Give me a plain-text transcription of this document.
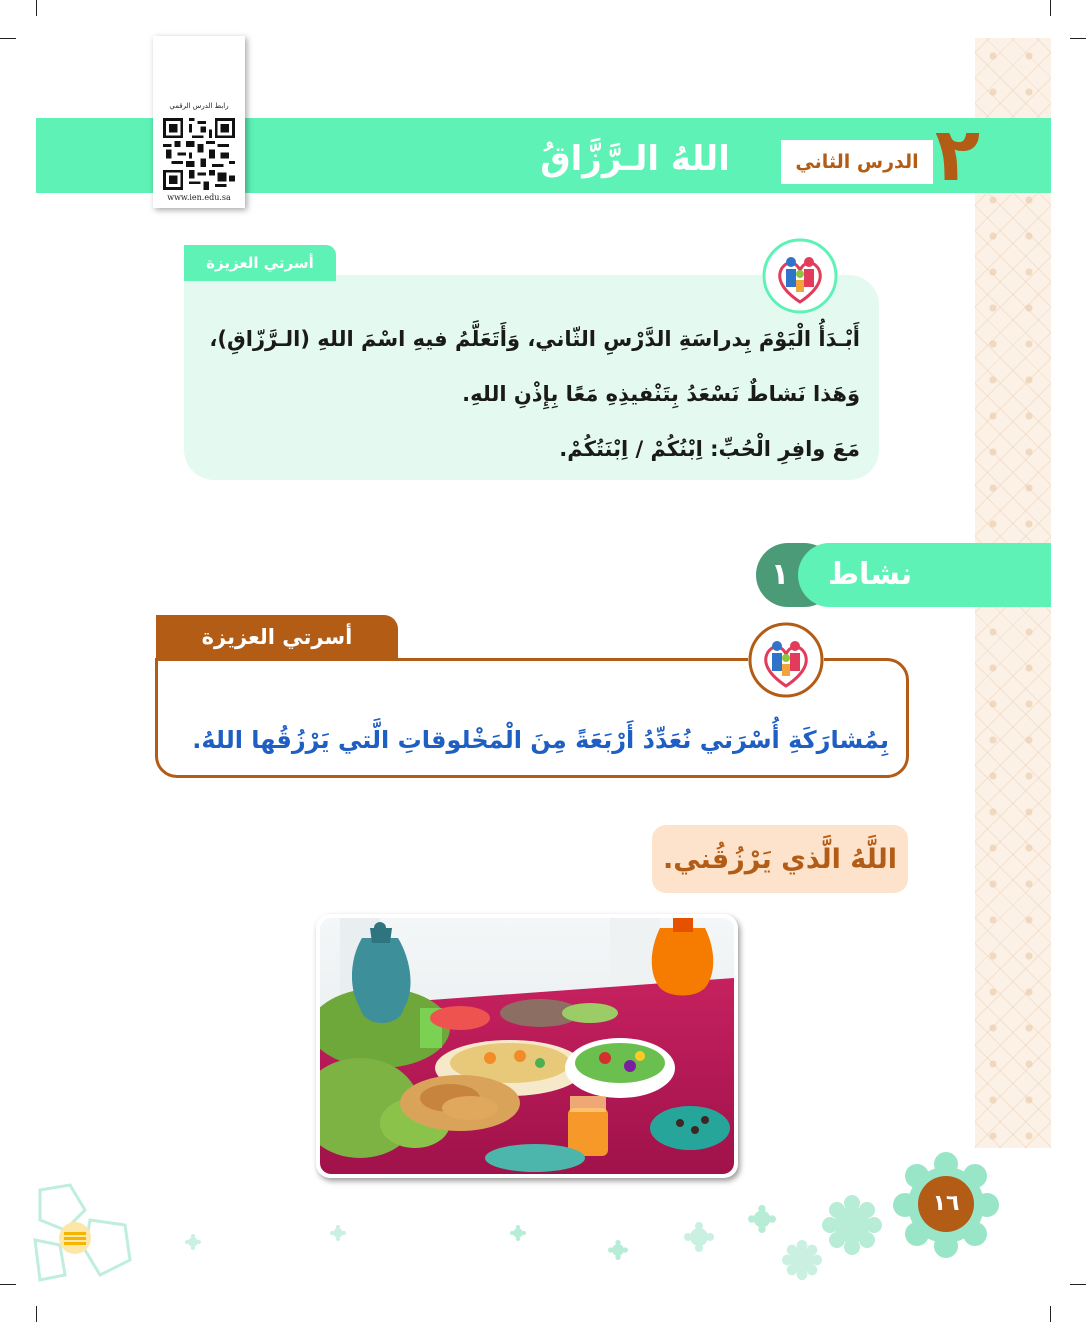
٢
الدرس الثاني
اللهُ الـرَّزَّاقُ
رابط الدرس الرقمي
www.ien.edu.sa
أسرتي العزيزة

أَبْـدَأُ الْيَوْمَ بِدراسَةِ الدَّرْسِ الثّاني، وَأَتَعَلَّمُ فيهِ اسْمَ اللهِ (الـرَّزّاقِ)،

وَهَذا نَشاطٌ نَسْعَدُ بِتَنْفيذِهِ مَعًا بِإِذْنِ اللهِ.

مَعَ وافِرِ الْحُبِّ: اِبْنُكُمْ / اِبْنَتُكُمْ.

١	نشاط
أسرتي العزيزة
بِمُشارَكَةِ أُسْرَتي نُعَدِّدُ أَرْبَعَةً مِنَ الْمَخْلوقاتِ الَّتي يَرْزُقُها اللهُ.
اللَّهُ الَّذي يَرْزُقُني.
١٦
